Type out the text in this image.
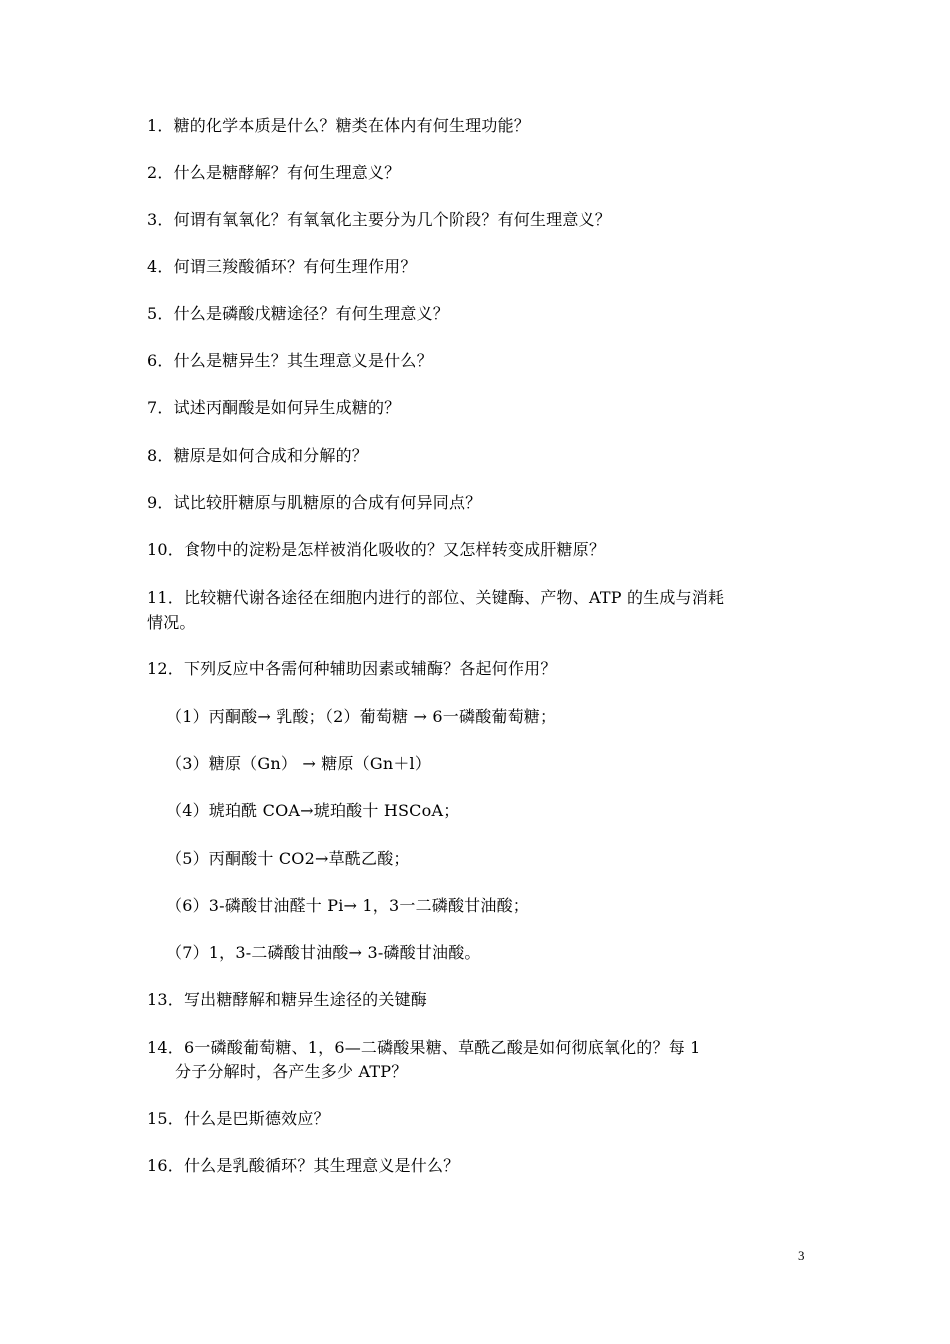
1．糖的化学本质是什么？糖类在体内有何生理功能？
2．什么是糖酵解？有何生理意义？
3．何谓有氧氧化？有氧氧化主要分为几个阶段？有何生理意义？
4．何谓三羧酸循环？有何生理作用？
5．什么是磷酸戊糖途径？有何生理意义？
6．什么是糖异生？其生理意义是什么？
7．试述丙酮酸是如何异生成糖的？
8．糖原是如何合成和分解的？
9．试比较肝糖原与肌糖原的合成有何异同点？
10．食物中的淀粉是怎样被消化吸收的？又怎样转变成肝糖原？
11．比较糖代谢各途径在细胞内进行的部位、关键酶、产物、ATP 的生成与消耗
情况。
12．下列反应中各需何种辅助因素或辅酶？各起何作用？
（1）丙酮酸→ 乳酸；（2）葡萄糖 → 6一磷酸葡萄糖；
（3）糖原（Gn） → 糖原（Gn＋l）
（4）琥珀酰 COA→琥珀酸十 HSCoA；
（5）丙酮酸十 CO2→草酰乙酸；
（6）3-磷酸甘油醛十 Pi→ 1，3一二磷酸甘油酸；
（7）1，3-二磷酸甘油酸→ 3-磷酸甘油酸。
13．写出糖酵解和糖异生途径的关键酶
14．6一磷酸葡萄糖、1，6—二磷酸果糖、草酰乙酸是如何彻底氧化的？每 1
分子分解时，各产生多少 ATP？
15．什么是巴斯德效应？
16．什么是乳酸循环？其生理意义是什么？
3
